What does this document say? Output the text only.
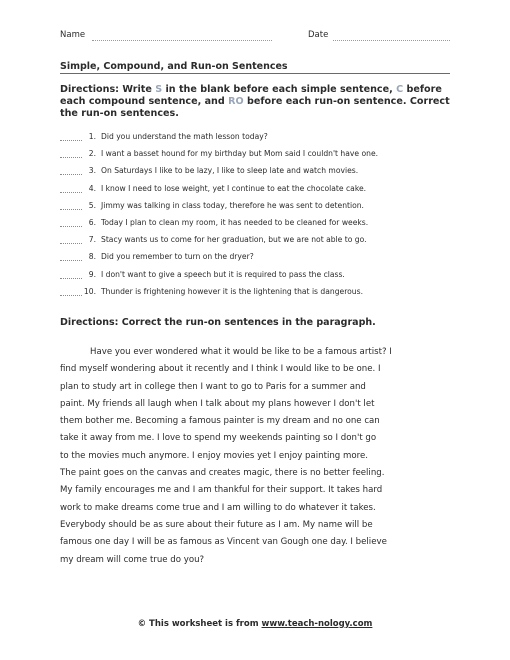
Name	Date
Simple, Compound, and Run-on Sentences
Directions: Write S in the blank before each simple sentence, C before each compound sentence, and RO before each run-on sentence. Correct the run-on sentences.
1. Did you understand the math lesson today?
2. I want a basset hound for my birthday but Mom said I couldn't have one.
3. On Saturdays I like to be lazy, I like to sleep late and watch movies.
4. I know I need to lose weight, yet I continue to eat the chocolate cake.
5. Jimmy was talking in class today, therefore he was sent to detention.
6. Today I plan to clean my room, it has needed to be cleaned for weeks.
7. Stacy wants us to come for her graduation, but we are not able to go.
8. Did you remember to turn on the dryer?
9. I don't want to give a speech but it is required to pass the class.
10. Thunder is frightening however it is the lightening that is dangerous.
Directions: Correct the run-on sentences in the paragraph.
Have you ever wondered what it would be like to be a famous artist? I
find myself wondering about it recently and I think I would like to be one. I
plan to study art in college then I want to go to Paris for a summer and
paint. My friends all laugh when I talk about my plans however I don't let
them bother me. Becoming a famous painter is my dream and no one can
take it away from me. I love to spend my weekends painting so I don't go
to the movies much anymore. I enjoy movies yet I enjoy painting more.
The paint goes on the canvas and creates magic, there is no better feeling.
My family encourages me and I am thankful for their support. It takes hard
work to make dreams come true and I am willing to do whatever it takes.
Everybody should be as sure about their future as I am. My name will be
famous one day I will be as famous as Vincent van Gough one day. I believe
my dream will come true do you?
© This worksheet is from www.teach-nology.com
